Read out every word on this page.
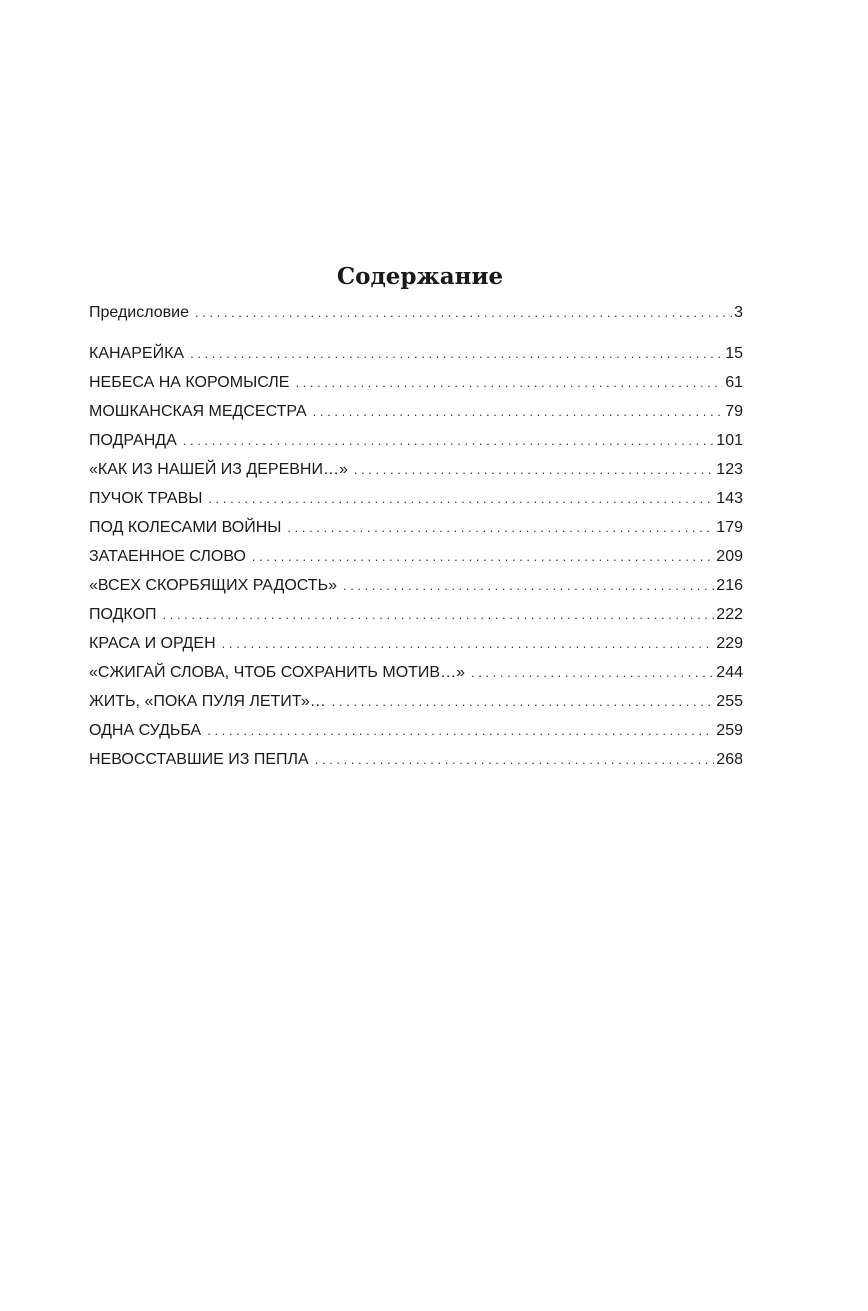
Содержание
Предисловие . . .	3
КАНАРЕЙКА . . .	15
НЕБЕСА НА КОРОМЫСЛЕ . . .	61
МОШКАНСКАЯ МЕДСЕСТРА . . .	79
ПОДРАНДА . . .	101
«КАК ИЗ НАШЕЙ ИЗ ДЕРЕВНИ…» . . .	123
ПУЧОК ТРАВЫ . . .	143
ПОД КОЛЕСАМИ ВОЙНЫ . . .	179
ЗАТАЕННОЕ СЛОВО . . .	209
«ВСЕХ СКОРБЯЩИХ РАДОСТЬ» . . .	216
ПОДКОП . . .	222
КРАСА И ОРДЕН . . .	229
«СЖИГАЙ СЛОВА, ЧТОБ СОХРАНИТЬ МОТИВ…» . . .	244
ЖИТЬ, «ПОКА ПУЛЯ ЛЕТИТ»… . . .	255
ОДНА СУДЬБА . . .	259
НЕВОССТАВШИЕ ИЗ ПЕПЛА . . .	268
